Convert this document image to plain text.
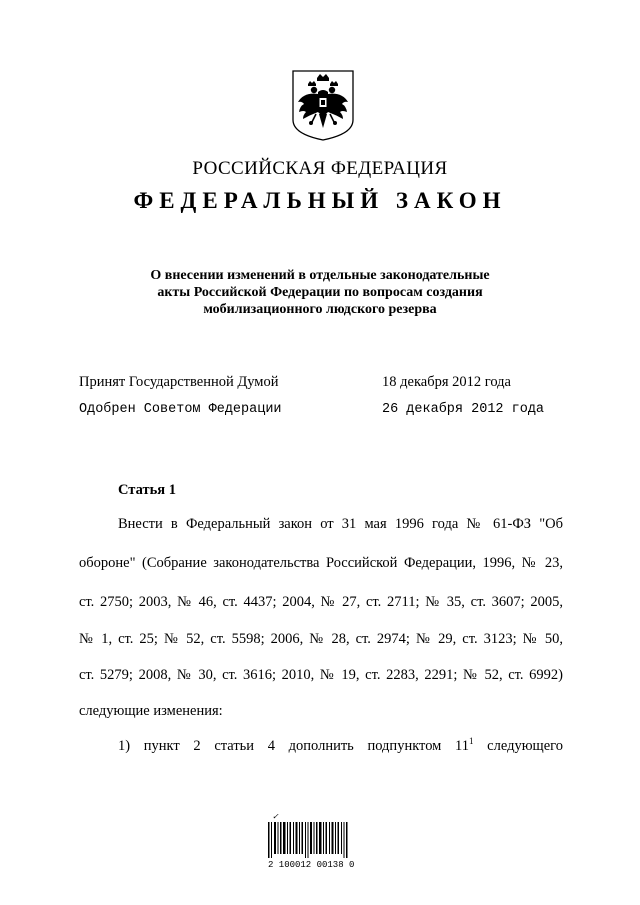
РОССИЙСКАЯ ФЕДЕРАЦИЯ
ФЕДЕРАЛЬНЫЙ ЗАКОН
О внесении изменений в отдельные законодательные
акты Российской Федерации по вопросам создания
мобилизационного людского резерва
Принят Государственной Думой	18 декабря 2012 года
Одобрен Советом Федерации	26 декабря 2012 года
Статья 1
Внести в Федеральный закон от 31 мая 1996 года № 61-ФЗ "Об
обороне" (Собрание законодательства Российской Федерации, 1996, № 23,
ст. 2750; 2003, № 46, ст. 4437; 2004, № 27, ст. 2711; № 35, ст. 3607; 2005,
№ 1, ст. 25; № 52, ст. 5598; 2006, № 28, ст. 2974; № 29, ст. 3123; № 50,
ст. 5279; 2008, № 30, ст. 3616; 2010, № 19, ст. 2283, 2291; № 52, ст. 6992)
следующие изменения:
1) пункт 2 статьи 4 дополнить подпунктом $11^1$ следующего
✓
2 100012 00138 0
